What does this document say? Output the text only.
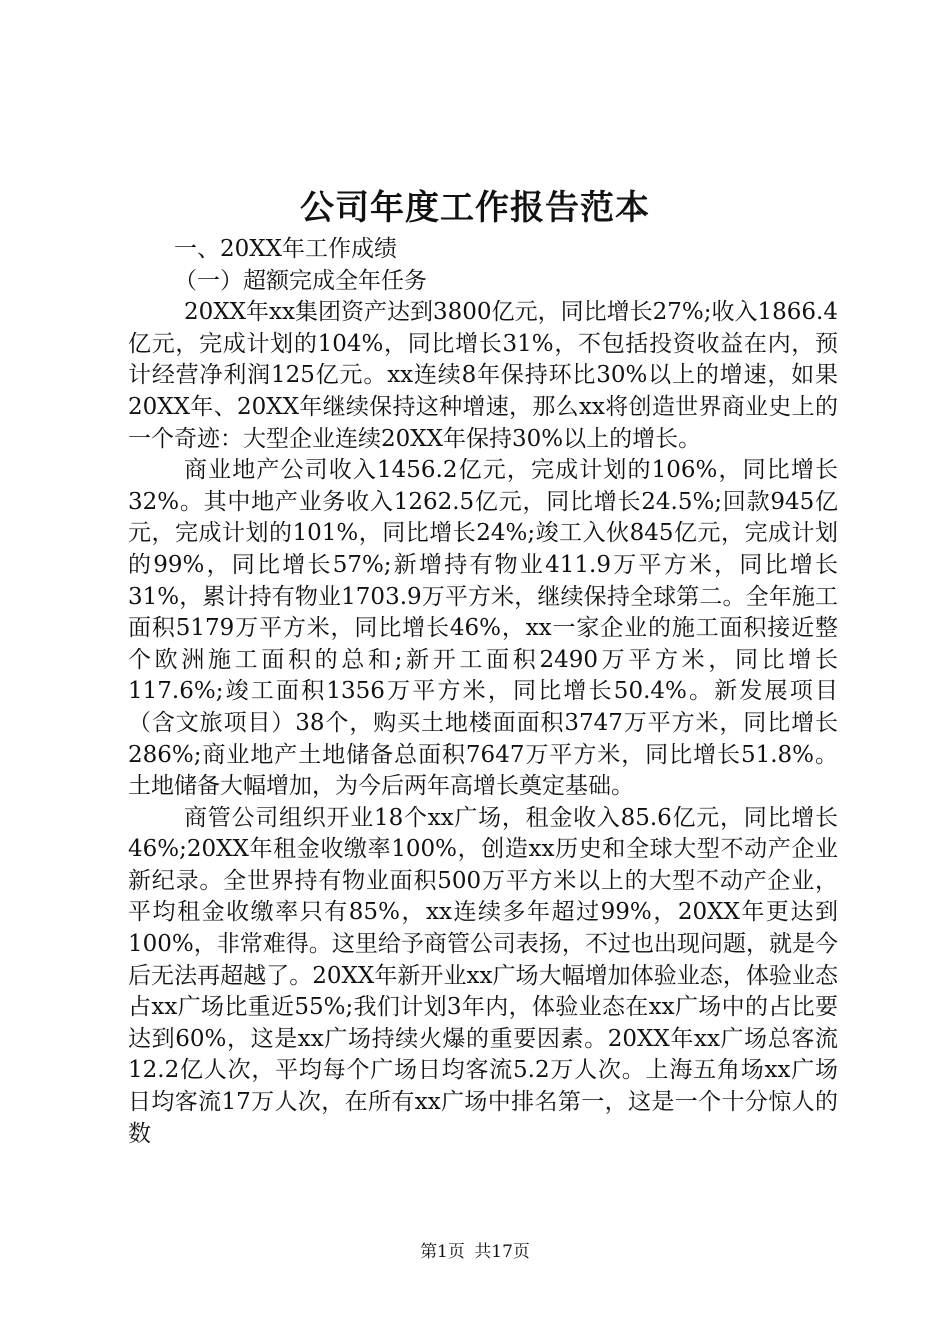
公司年度工作报告范本
一、20XX年工作成绩
（一）超额完成全年任务

20XX年xx集团资产达到3800亿元，同比增长27%;收入1866.4亿元，完成计划的104%，同比增长31%，不包括投资收益在内，预计经营净利润125亿元。xx连续8年保持环比30%以上的增速，如果20XX年、20XX年继续保持这种增速，那么xx将创造世界商业史上的一个奇迹：大型企业连续20XX年保持30%以上的增长。

商业地产公司收入1456.2亿元，完成计划的106%，同比增长32%。其中地产业务收入1262.5亿元，同比增长24.5%;回款945亿元，完成计划的101%，同比增长24%;竣工入伙845亿元，完成计划的99%，同比增长57%;新增持有物业411.9万平方米，同比增长31%，累计持有物业1703.9万平方米，继续保持全球第二。全年施工面积5179万平方米，同比增长46%，xx一家企业的施工面积接近整个欧洲施工面积的总和;新开工面积2490万平方米，同比增长117.6%;竣工面积1356万平方米，同比增长50.4%。新发展项目（含文旅项目）38个，购买土地楼面面积3747万平方米，同比增长286%;商业地产土地储备总面积7647万平方米，同比增长51.8%。土地储备大幅增加，为今后两年高增长奠定基础。

商管公司组织开业18个xx广场，租金收入85.6亿元，同比增长46%;20XX年租金收缴率100%，创造xx历史和全球大型不动产企业新纪录。全世界持有物业面积500万平方米以上的大型不动产企业，平均租金收缴率只有85%，xx连续多年超过99%，20XX年更达到100%，非常难得。这里给予商管公司表扬，不过也出现问题，就是今后无法再超越了。20XX年新开业xx广场大幅增加体验业态，体验业态占xx广场比重近55%;我们计划3年内，体验业态在xx广场中的占比要达到60%，这是xx广场持续火爆的重要因素。20XX年xx广场总客流12.2亿人次，平均每个广场日均客流5.2万人次。上海五角场xx广场日均客流17万人次，在所有xx广场中排名第一，这是一个十分惊人的数

第1页 共17页
